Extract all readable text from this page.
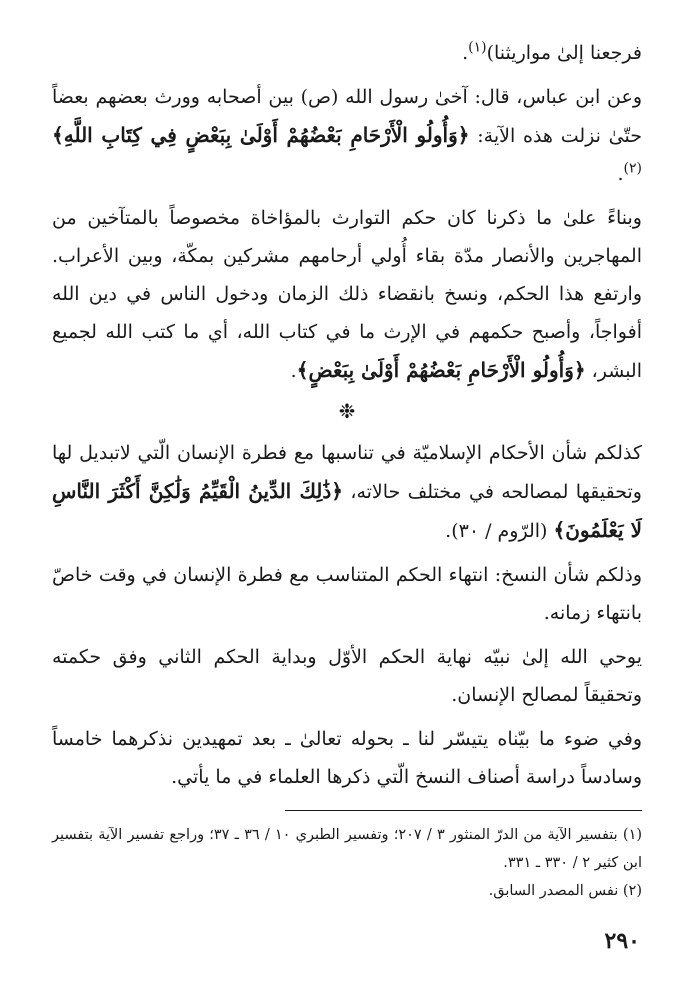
فرجعنا إلىٰ مواريثنا)$^{(١)}$.

وعن ابن عباس، قال: آخىٰ رسول الله (ص) بين أصحابه وورث بعضهم بعضاً حتّىٰ نزلت هذه الآية: ﴿وَأُولُو الْأَرْحَامِ بَعْضُهُمْ أَوْلَىٰ بِبَعْضٍ فِي كِتَابِ اللَّهِ﴾ $^{(٢)}$.

وبناءً علىٰ ما ذكرنا كان حكم التوارث بالمؤاخاة مخصوصاً بالمتآخين من المهاجرين والأنصار مدّة بقاء أُولي أرحامهم مشركين بمكّة، وبين الأعراب. وارتفع هذا الحكم، ونسخ بانقضاء ذلك الزمان ودخول الناس في دين الله أفواجاً، وأصبح حكمهم في الإرث ما في كتاب الله، أي ما كتب الله لجميع البشر، ﴿وَأُولُو الْأَرْحَامِ بَعْضُهُمْ أَوْلَىٰ بِبَعْضٍ﴾.

❉

كذلكم شأن الأحكام الإسلاميّة في تناسبها مع فطرة الإنسان الّتي لاتبديل لها وتحقيقها لمصالحه في مختلف حالاته، ﴿ذَٰلِكَ الدِّينُ الْقَيِّمُ وَلَٰكِنَّ أَكْثَرَ النَّاسِ لَا يَعْلَمُونَ﴾ (الرّوم / ٣٠).

وذلكم شأن النسخ: انتهاء الحكم المتناسب مع فطرة الإنسان في وقت خاصّ بانتهاء زمانه.

يوحي الله إلىٰ نبيّه نهاية الحكم الأوّل وبداية الحكم الثاني وفق حكمته وتحقيقاً لمصالح الإنسان.

وفي ضوء ما بيّناه يتيسّر لنا ـ بحوله تعالىٰ ـ بعد تمهيدين نذكرهما خامساً وسادساً دراسة أصناف النسخ الّتي ذكرها العلماء في ما يأتي.

(١) بتفسير الآية من الدرّ المنثور ٣ / ٢٠٧؛ وتفسير الطبري ١٠ / ٣٦ ـ ٣٧؛ وراجع تفسير الآية بتفسير ابن كثير ٢ / ٣٣٠ ـ ٣٣١.

(٢) نفس المصدر السابق.

٢٩٠
